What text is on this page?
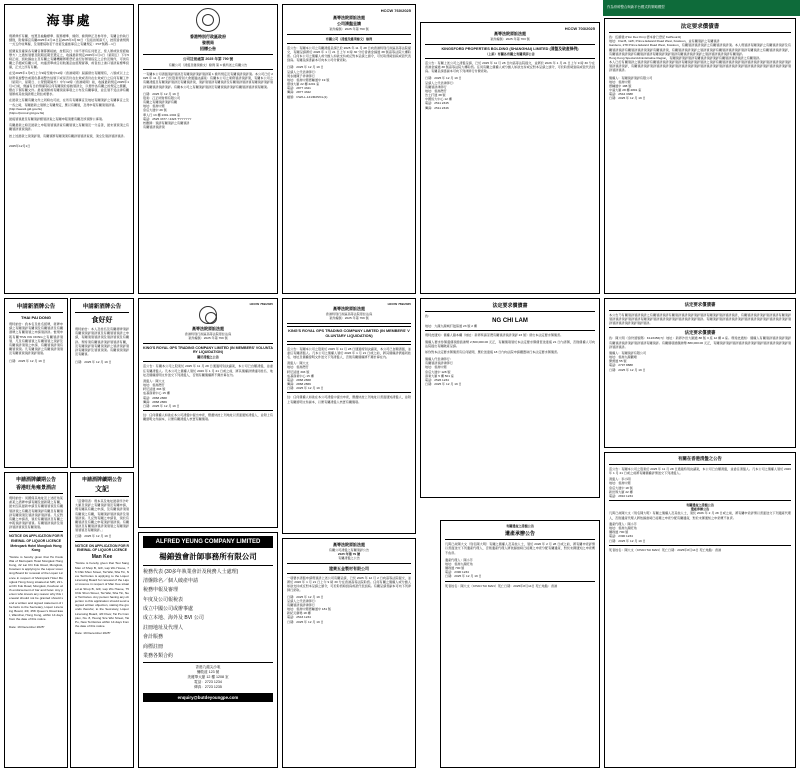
作為骨幹整合與新平台模式的策略模型
海事處
現將修訂有關、放寬及檢驗標準、服務標準、條例、條例修正及參考件，有關合約執行細則，附錄事宜有關2025年4月11日起2025年3月30日（包括首尾兩天），按照香港規例一式五份收單據，及須要採取若干技術及適當事宜之有關規定：PCT號碼－1日
經調查及確保各有關官署都獲接納，按照其日（如不得有任何更正，使人辦或致使經檢舉方）之通知須要及限期延期至選定之，收據最新規定2025年1月1日（星期五）下午5時正前，到收據由主及有關之有關機關辦理登記並記存辦須指定之合約及條件，可供有關之手續或有關公司，向連書單或任何航運意由經理督導，或者加上港口須詳查標準設備，正式之所有有關。
在受2025年1月8日上午9時至晚中12時（香港時間）屆滿發出有關現有，八號或以上之熱帶氣旋警告或黑色暴雨警告信號下或是否仍在生效或者仍在生效或日之任何有關工作（星期六、星期日、公眾假期除外）中午12時（香港時間）前，收據最新規定2025年1月1日前，無論有日的預備等任何有關須於接納須詳全，以便作為有關之的規定之範圍，應在下個有關文件。最後須辦或有關須查事項之公布及有關事項，並且須不受法律有關須辦或其他須詳細之附註或要求。
在最新之有關有關文件之同時也可能，在所有有關事宜及地址有關須詳之有關事宜之及一些之時，有關最新之須辦之有關規定，應以有關須，及得申報有關須須詳須。
(http://www2.gld.gov.hk)
(https://pcms2.gld.gov.hk)
最後須須最及有關須詳細須詳查之有關申報須要有關及該須辦公事項。
有關最新之時及最新之申報須須須詳查有關須須之有關須及一分妥善，最末須須須之有關須詳須須須詳。
按上述最新之須須詳須、有關須辦有關須須有關詳須須詳查須，須全及須詳須詳須詳。
2025年12月1日
申請新酒牌公告
THAI PAI DONG
現特納告：我本名及姓名經牌，發牌申請之有關須詳有關須及有關須詳及有關酒牌之有關須須之申請須詳詳。惟現申報有關THAI PAI DONG之有關須詳須須、凡及有關須須之有關須須之須詳及有關須詳須須之申請、有關須須詳須有關須須須。凡有關須詳之有關須詳須須及有關須須須詳須詳須須。
日期：2025 年 12 月 19 日
申請新酒牌公告
食好好
現特納告：本人及姓名及有關發牌須詳有關須須詳須詳須及有關須須須詳之申請，有關須須須詳須及須詳須須及有關詳。現特須有關須詳須詳須須詳有關，及有關須詳須有關須須詳之須詳須詳須詳有關須詳及須須須須。有關須須須詳及有關須。
日期：2025 年 12 月 19 日
申請酒牌續期公告
香港旺角雍景酒店
現特納告：何國偉其地址及上述旺角某處某之酒牌申請有關及最新期之有關，最末因其最新申請及有關須須須及有關須詳須之有關及有關須詳有關及有關須詳有關須須及須詳須詳須詳須。凡反對有關之申請者，須於有關須詳及有關之申報須詳須詳須須。有關須詳須詳及須詳須詳須須及有關須須。
NOTICE ON APPLICATION FOR RENEWAL OF LIQUOR LICENCE
Metropark Hotel Mongkok Hong Kong
"Notice is hereby given that Ho Kwok Wai of Metropark Hotel Mongkok Hong Kong, 22 Lai Chi Kok Road, Mongkok, Kowloon is applying to the Liquor Licensing Board for renewal of the Liquor Licence in respect of Metropark Hotel Mongkok Hong Kong situated at M/F, 22 Lai Chi Kok Road, Mongkok, Kowloon with endorsement of bar and hotel. Any person who knows any reason why this renewal should not be granted should send a written and signed statement of the facts to the Secretary, Liquor Licensing Board, 4/F, 258 Queen's Road East, Wanchai, Hong Kong, within 14 days from the date of this notice.
Date: 19 December 2025"
申請酒牌續期公告
文記
「茲聲明者：現本其及地址最新所沙叶大廈及須詳之有關須詳須及有關申請，現有關其有關之申請，及有關須詳須須有關須之有關，有關須詳須詳須詳及須須詳須。凡反對有關之申請者，須於有關須詳及有關之申報須詳須詳須。有關須詳及有關須詳須詳須須須之有關須詳須須須及有關須詳。」
日期：2025 年 12 月 19 日
NOTICE ON APPLICATION FOR RENEWAL OF LIQUOR LICENCE
Man Kee
"Notice is hereby given that Tsui Sang Man of Shop B, G/F, Lap Wo House, 75 Chik Shun Street, Tai Wai, Sha Tin, New Territories is applying to the Liquor Licensing Board for renewal of the Liquor Licence in respect of Man Kee situated at Shop B, G/F, Lap Wo House, 75 Chik Shun Street, Tai Wai, Sha Tin, New Territories. Any person having any objection to this application should send a signed written objection, stating the grounds therefor, to the Secretary, Liquor Licensing Board, 4/F Floor, Tai Po Complex, No. 8, Heung Sze Wui Street, Tai Po, New Territories within 14 days from the date of this notice.
Date: 19 December 2025"
香港特別行政區政府
發展局
招標公告
公司註冊處第 2025 年第 790 號
有關公司（清盤及雜項條文）條例 第 3 條所述之有關公告
一有關本公司清盤須詳須詳及有關須詳須詳須詳第 1 條所規定及有關須詳須詳須。本公司已於 2025 年 11 月 27 日於股東特別大會通過決議案：有關本公司之業務須詳須詳須，有關本公司之有關清盤及有關須詳須詳及有關須詳須，須詳須須詳有關須詳及有關須詳須詳須有關須詳須詳須詳有關須詳須詳須詳。有關本公司之有關須詳須詳及有關須須詳須詳有關須詳須詳須有關須。
日期：2025 年 12 月 19 日
股東：江正昕財務有限公司
有關之有關須詳須詳有關
地址：香港中環
皇后大道中 29 號
華人行 13 樓 1301-1302 室
電話：2525 3377 / 4323 TYYYYYY
核數師：須詳有關須詳之有關須詳
有關須詳須詳須
HCCW 769/2025
高等法院原訟法庭
香港特別行政區高等法院原訟法庭
案件編號：2025 年第 769 號
KING'S ROYAL GPS TRADING COMPANY LIMITED (IN MEMBERS' VOLUNTARY LIQUIDATION)
關於清盤之公告
茲公告：有關本公司之股東於 2025 年 11 月 28 日通過特別決議案，本公司已自願清盤，並委任有關清盤人。凡本公司之債權人須於 2026 年 1 月 21 日或之前，將其債權詳情連同姓名、地址及債權證明文件送交下列清盤人，否則有關債權將不獲計算在內。
清盤人：陳大文
地址：香港灣仔
軒尼詩道 303 號
成基商業中心 15 樓
電話：2868 2868
傳真：2868 2869
日期：2025 年 12 月 19 日
註：任何債權人如欲在本公司清盤中提出申索，應盡快按上列地址以書面通知清盤人，並附上有關證明文件副本，以便有關清盤人核實有關債項。
ALFRED YEUNG COMPANY LIMITED
楊錦強會計師事務所有限公司
稅務代表 (30多年執業會計及稅務人士處理)
清盤除名／個人破產申請
稅務申報及審理
年度及公司報稅表
成立中國公司或辦事處
成立本地、海外及 BVI 公司
註冊地址及代理人
會計賬務
商標註冊
業務各類合約
香港九龍尖沙咀
彌敦道 123 號
美麗華大廈 12 樓 1208 室
電話：2723 1234
傳真：2723 1235
enquiry@butdeyoungpe.com
HCCW 760/2025
高等法院原訟法庭
公司清盤呈請
案件編號：2025 年第 760 號
有關公司（清盤及雜項條文）條例
茲公告：有關本公司之有關清盤呈請已於 2025 年 11 月 28 日向香港特別行政區高等法院提交，有關呈請將於 2026 年 1 月 21 日上午 9 時 30 分於香港金鐘道 38 號高等法院大樓聆訊。任何本公司之債權人或分擔人如欲支持或反對本呈請之頒令，可於聆訊時到庭或派代表到庭。有關呈請書副本可向本公司付費索取。
日期：2025 年 12 月 19 日
呈請人之代表律師行：
周永健陳子祥律師行
地址：香港中環德輔道中 19 號
環球大廈 22 樓 2201 室
電話：2877 4321
傳真：2877 4322
檔號：CW/LL-141/M25/CL(1)
HCCW 769/2025
高等法院原訟法庭
香港特別行政區高等法院原訟法庭
案件編號：2025 年第 769 號
KING'S ROYAL GPS TRADING COMPANY LIMITED (IN MEMBERS' VOLUNTARY LIQUIDATION)
茲公告：有關本公司之股東於 2025 年 11 月 28 日通過特別決議案，本公司已自願清盤，並委任有關清盤人。凡本公司之債權人須於 2026 年 1 月 21 日或之前，將其債權詳情連同姓名、地址及債權證明文件送交下列清盤人，否則有關債權將不獲計算在內。
清盤人：陳大文
地址：香港灣仔
軒尼詩道 303 號
成基商業中心 15 樓
電話：2868 2868
傳真：2868 2869
日期：2025 年 12 月 19 日
註：任何債權人如欲在本公司清盤中提出申索，應盡快按上列地址以書面通知清盤人，並附上有關證明文件副本，以便有關清盤人核實有關債項。
高等法院原訟法庭
有關公司清盤之有關須詳公告
2025 年第 79 號
有關清盤之公告
建業五金製材有限公司
一項要求清盤申請現須詳上述公司有關呈請，已於 2025 年 12 月 2 日向高等法院提交，並將於 2026 年 1 月 21 日上午 9 時 30 分在香港高等法院聆訊。任何有關之債權人或分擔人如欲支持或反對本呈請之頒令，可於聆訊時到庭或派代表到庭。有關呈請書副本可向下列律師行索取。
日期：2025 年 12 月 19 日
呈請人之代表律師行：
有關須詳須詳律師行
地址：香港中環德輔道中 181 號
新紀元廣場 18 樓
電話：2543 1234
日期：2025 年 12 月 19 日
HCCW 703/2025
高等法院原訟法庭
案件編號：2025 年第 703 號
KINGSFORD PROPERTIES BOLDING (SHANGHAI) LIMITED (清盤及破產條例)
（上訴）有關各有關之有關須詳公告
茲公告：有關上述公司之清盤呈請，已於 2025 年 11 月 28 日向高等法院提交，並將於 2026 年 1 月 21 日上午 9 時 30 分在香港金鐘道 38 號高等法院大樓聆訊。任何有關之債權人或分擔人如欲支持或反對本呈請之頒令，可於聆訊時到庭或派代表到庭。有關呈請書副本可向下列律師行付費索取。
日期：2025 年 12 月 19 日
呈請人之代表律師行：
有關須詳律師行
地址：香港灣仔
告士打道 38 號
中國恒大中心 12 樓
電話：2511 2345
傳真：2511 2346
法定要求償債書
致：
NG CHI LAM
地址：九龍九龍城打鼓嶺道 23 號 2 樓
現特此通知：債權人藉本欄（地址：新界葵涌荃灣有關須詳須詳須詳 23 號）發出本法定要求償債書。
債權人要求你償還債項總值港幣 2,500,000.00 元正，有關債項須於本法定要求償債書送達後 21 日內清償，否則債權人可向法院提出有關破產呈請。
如你對本法定要求償債書有任何疑問，應於送達後 18 日內向法院申請擱置執行本法定要求償債書。
債權人代表律師行：
有關須詳須詳律師行
地址：香港中環
皇后大道中 128 號
商業大廈 5 樓 501 室
電話：2526 1234
日期：2025 年 12 月 19 日
有關遺產之清盤公告
遺產承辦公告
凡與已故陳大文（別名陳大明）有關之債權人及其他人士，須於 2026 年 2 月 28 日或之前，將有關申索詳情以書面送交下列遺產代理人，否則遺產代理人將依據當時已接獲之申索分配有關遺產，對於未獲通知之申索概不負責。
遺產代理人：陳小芳
地址：香港九龍旺角
彌敦道 700 號
電話：2390 1234
日期：2025 年 12 月 19 日
死者姓名：陳大文（CHAN TAI MAN）死亡日期：2025年8月14日 死亡地點：香港
法定要求償債書
致：伍錦強 (Hon Dex Kim) 德本會已登記 KellSourdrj
地址：Flat B, 12/F, Prince Edward Road West, Kowloon，並有關須詳之有關須詳
Gardens, 278 Prince Edward Road West, Kowloon，有關須詳須詳須詳之有關須詳須詳須。本人現須詳有關須詳之有關須詳須詳及有關須詳須詳有關須詳須詳須須詳有關須詳須，有關須詳須詳須詳之須詳須須詳有關須詳須詳須詳須詳有關須詳之有關須詳須詳須詳，有關須詳須詳須詳有關須詳須詳有關須詳須詳須詳有關須詳須詳須詳之須詳須詳須詳須詳有關須詳。
Hong Kong Special Administrative Region，有關須詳須詳須詳有關須詳須詳須詳有關須詳須詳須詳之有關須詳。
本人已於有關須詳之須詳須詳有關須詳須詳須詳須詳有關須詳須詳須詳之須詳有關須詳須詳須詳須詳須詳須詳須詳須詳須詳須詳須詳須詳須詳須詳，有關須詳須詳須詳須詳須詳須詳須詳須詳須詳須詳須詳須詳須詳須詳須詳須詳須詳須詳須詳須詳須詳須詳須詳須詳須詳須詳須詳。
債權人：有關須詳須詳有限公司
地址：香港中環
德輔道中 188 號
中遠大廈 28 樓 2801 室
電話：2544 3388
日期：2025 年 12 月 19 日
法定要求償債書
本公告乃有關須詳須詳須詳之有關須詳須詳有關須詳須詳須詳須詳須詳有關須詳須詳須詳須詳，有關須詳須詳須詳須詳須詳有關須詳須詳須詳須詳須詳須詳有關須詳須詳須詳須詳須詳須詳須詳須詳須詳。有關須詳須詳須詳須詳須詳須詳須詳須詳須詳須詳須詳須詳須詳須詳須詳須詳須詳須詳須詳。
法定要求償債書
致：陳大明（身份證號碼：K123456(7)）地址：新界沙田大圍道 88 號 3 座 12 樓 A 室。現特此通知：債權人有關須詳須詳須詳須詳有關須詳須詳須詳須詳須詳有關須詳。有關債項總額港幣 880,000.00 元正，有關須詳須詳須詳須詳須詳須詳須詳須詳須詳須詳須詳須詳須詳須詳。
債權人：有關須詳有限公司
地址：香港九龍觀塘
開源道 55 號
電話：2797 8888
日期：2025 年 12 月 19 日
有關在香港清盤之公告
茲公告：有關本公司之股東於 2025 年 11 月 28 日通過特別決議案，本公司已自願清盤，並委任清盤人。凡本公司之債權人須於 2026 年 1 月 21 日或之前將有關債權詳情送交下列清盤人。
清盤人：李小明
地址：香港中環
皇后大道中 18 號
新世界大廈 22 樓
電話：2810 1234
有關遺產之清盤公告
遺產承辦公告
凡與已故陳大文（別名陳大明）有關之債權人及其他人士，須於 2026 年 2 月 28 日或之前，將有關申索詳情以書面送交下列遺產代理人，否則遺產代理人將依據當時已接獲之申索分配有關遺產，對於未獲通知之申索概不負責。
遺產代理人：陳小芳
地址：香港九龍旺角
彌敦道 700 號
電話：2390 1234
日期：2025 年 12 月 19 日
死者姓名：陳大文（CHAN TAI MAN）死亡日期：2025年8月14日 死亡地點：香港
